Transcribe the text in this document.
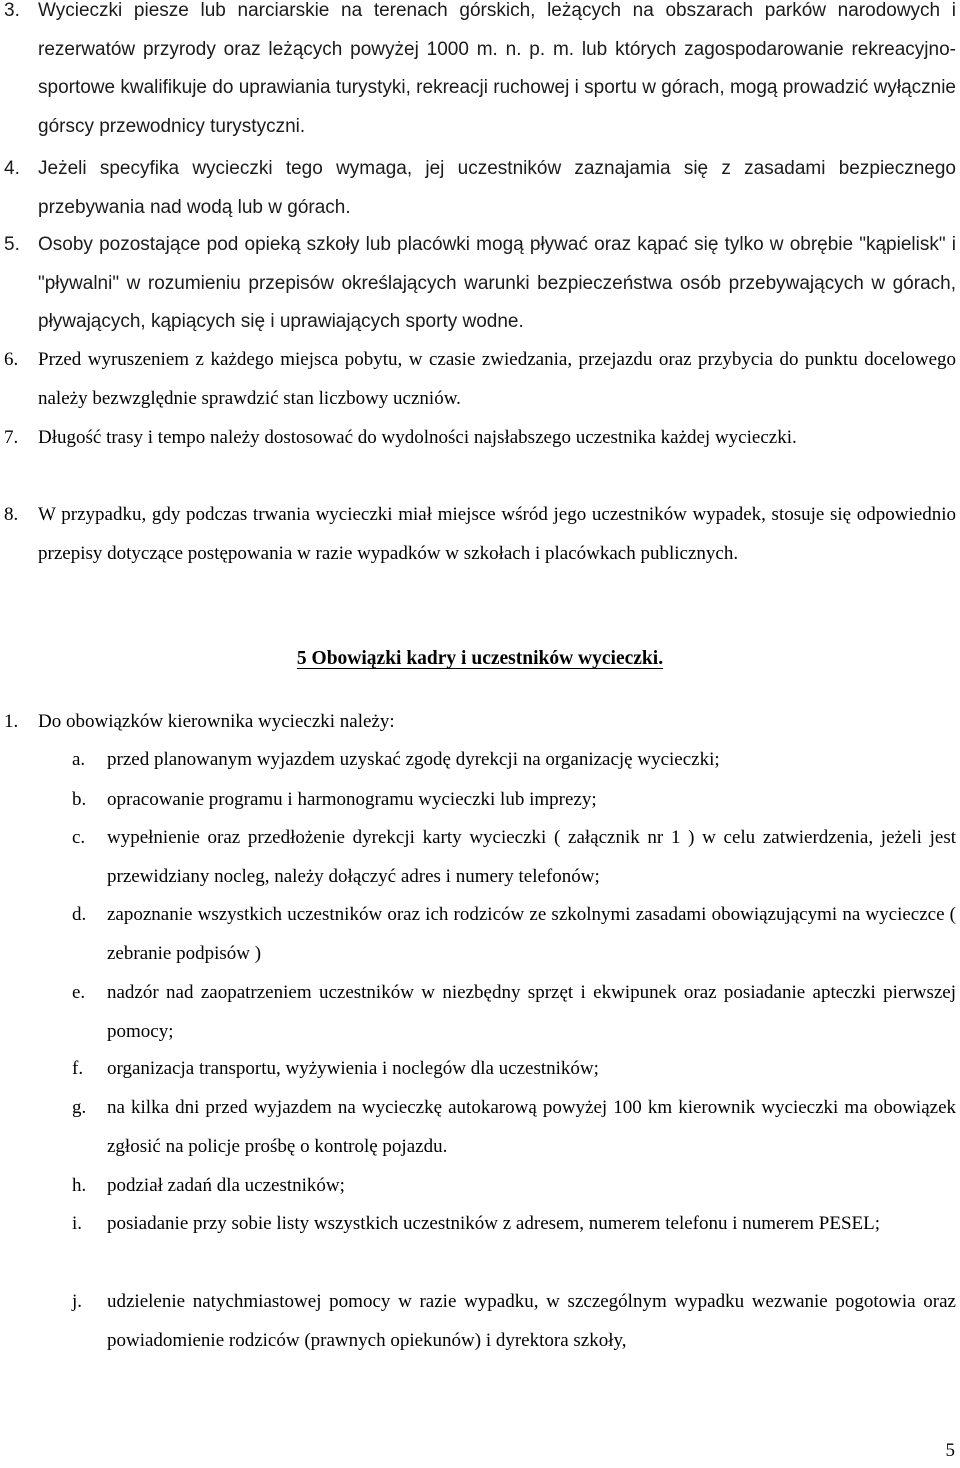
3. Wycieczki piesze lub narciarskie na terenach górskich, leżących na obszarach parków narodowych i rezerwatów przyrody oraz leżących powyżej 1000 m. n. p. m. lub których zagospodarowanie rekreacyjno-sportowe kwalifikuje do uprawiania turystyki, rekreacji ruchowej i sportu w górach, mogą prowadzić wyłącznie górscy przewodnicy turystyczni.
4. Jeżeli specyfika wycieczki tego wymaga, jej uczestników zaznajamia się z zasadami bezpiecznego przebywania nad wodą lub w górach.
5. Osoby pozostające pod opieką szkoły lub placówki mogą pływać oraz kąpać się tylko w obrębie "kąpielisk" i "pływalni" w rozumieniu przepisów określających warunki bezpieczeństwa osób przebywających w górach, pływających, kąpiących się i uprawiających sporty wodne.
6. Przed wyruszeniem z każdego miejsca pobytu, w czasie zwiedzania, przejazdu oraz przybycia do punktu docelowego należy bezwzględnie sprawdzić stan liczbowy uczniów.
7. Długość trasy i tempo należy dostosować do wydolności najsłabszego uczestnika każdej wycieczki.
8. W przypadku, gdy podczas trwania wycieczki miał miejsce wśród jego uczestników wypadek, stosuje się odpowiednio przepisy dotyczące postępowania w razie wypadków w szkołach i placówkach publicznych.
5 Obowiązki kadry i uczestników wycieczki.
1. Do obowiązków kierownika wycieczki należy:
a. przed planowanym wyjazdem uzyskać zgodę dyrekcji na organizację wycieczki;
b. opracowanie programu i harmonogramu wycieczki lub imprezy;
c. wypełnienie oraz przedłożenie dyrekcji karty wycieczki ( załącznik nr 1 ) w celu zatwierdzenia, jeżeli jest przewidziany nocleg, należy dołączyć adres i numery telefonów;
d. zapoznanie wszystkich uczestników oraz ich rodziców ze szkolnymi zasadami obowiązującymi na wycieczce ( zebranie podpisów )
e. nadzór nad zaopatrzeniem uczestników w niezbędny sprzęt i ekwipunek oraz posiadanie apteczki pierwszej pomocy;
f. organizacja transportu, wyżywienia i noclegów dla uczestników;
g. na kilka dni przed wyjazdem na wycieczkę autokarową powyżej 100 km kierownik wycieczki ma obowiązek zgłosić na policje prośbę o kontrolę pojazdu.
h. podział zadań dla uczestników;
i. posiadanie przy sobie listy wszystkich uczestników z adresem, numerem telefonu i numerem PESEL;
j. udzielenie natychmiastowej pomocy w razie wypadku, w szczególnym wypadku wezwanie pogotowia oraz powiadomienie rodziców (prawnych opiekunów) i dyrektora szkoły,
5
